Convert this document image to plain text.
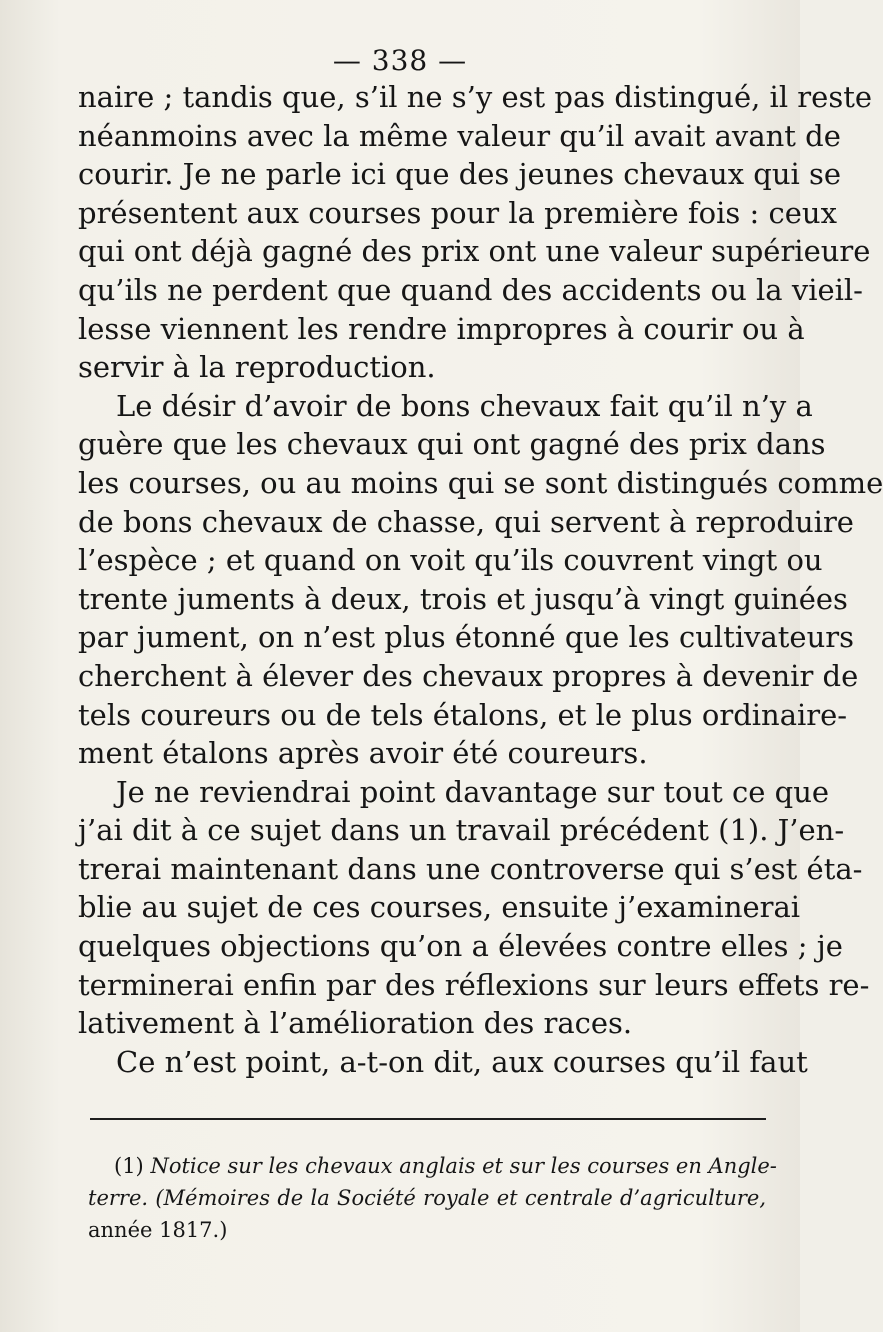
— 338 —
naire ; tandis que, s’il ne s’y est pas distingué, il reste
néanmoins avec la même valeur qu’il avait avant de
courir. Je ne parle ici que des jeunes chevaux qui se
présentent aux courses pour la première fois : ceux
qui ont déjà gagné des prix ont une valeur supérieure
qu’ils ne perdent que quand des accidents ou la vieil-
lesse viennent les rendre impropres à courir ou à
servir à la reproduction.
Le désir d’avoir de bons chevaux fait qu’il n’y a
guère que les chevaux qui ont gagné des prix dans
les courses, ou au moins qui se sont distingués comme
de bons chevaux de chasse, qui servent à reproduire
l’espèce ; et quand on voit qu’ils couvrent vingt ou
trente juments à deux, trois et jusqu’à vingt guinées
par jument, on n’est plus étonné que les cultivateurs
cherchent à élever des chevaux propres à devenir de
tels coureurs ou de tels étalons, et le plus ordinaire-
ment étalons après avoir été coureurs.
Je ne reviendrai point davantage sur tout ce que
j’ai dit à ce sujet dans un travail précédent (1). J’en-
trerai maintenant dans une controverse qui s’est éta-
blie au sujet de ces courses, ensuite j’examinerai
quelques objections qu’on a élevées contre elles ; je
terminerai enfin par des réflexions sur leurs effets re-
lativement à l’amélioration des races.
Ce n’est point, a-t-on dit, aux courses qu’il faut
(1) Notice sur les chevaux anglais et sur les courses en Angle-
terre. (Mémoires de la Société royale et centrale d’agriculture,
année 1817.)
